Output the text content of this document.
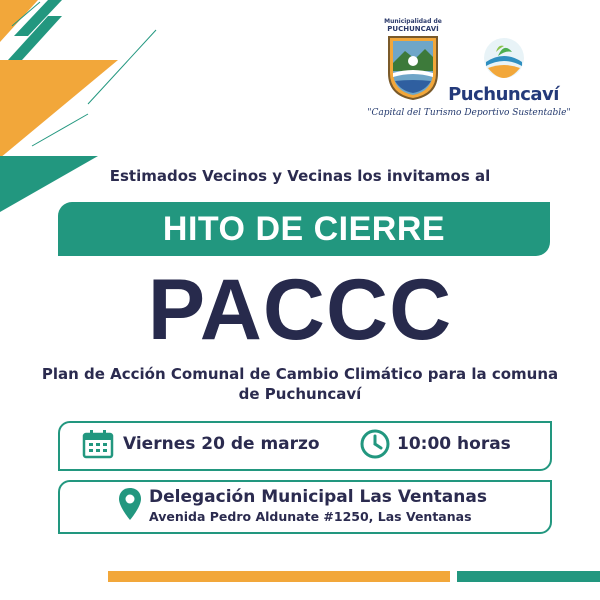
Municipalidad de
PUCHUNCAVÍ
Puchuncaví
"Capital del Turismo Deportivo Sustentable"
Estimados Vecinos y Vecinas los invitamos al
HITO DE CIERRE
PACCC
Plan de Acción Comunal de Cambio Climático para la comuna de Puchuncaví
Viernes 20 de marzo	10:00 horas
Delegación Municipal Las Ventanas
Avenida Pedro Aldunate #1250, Las Ventanas
